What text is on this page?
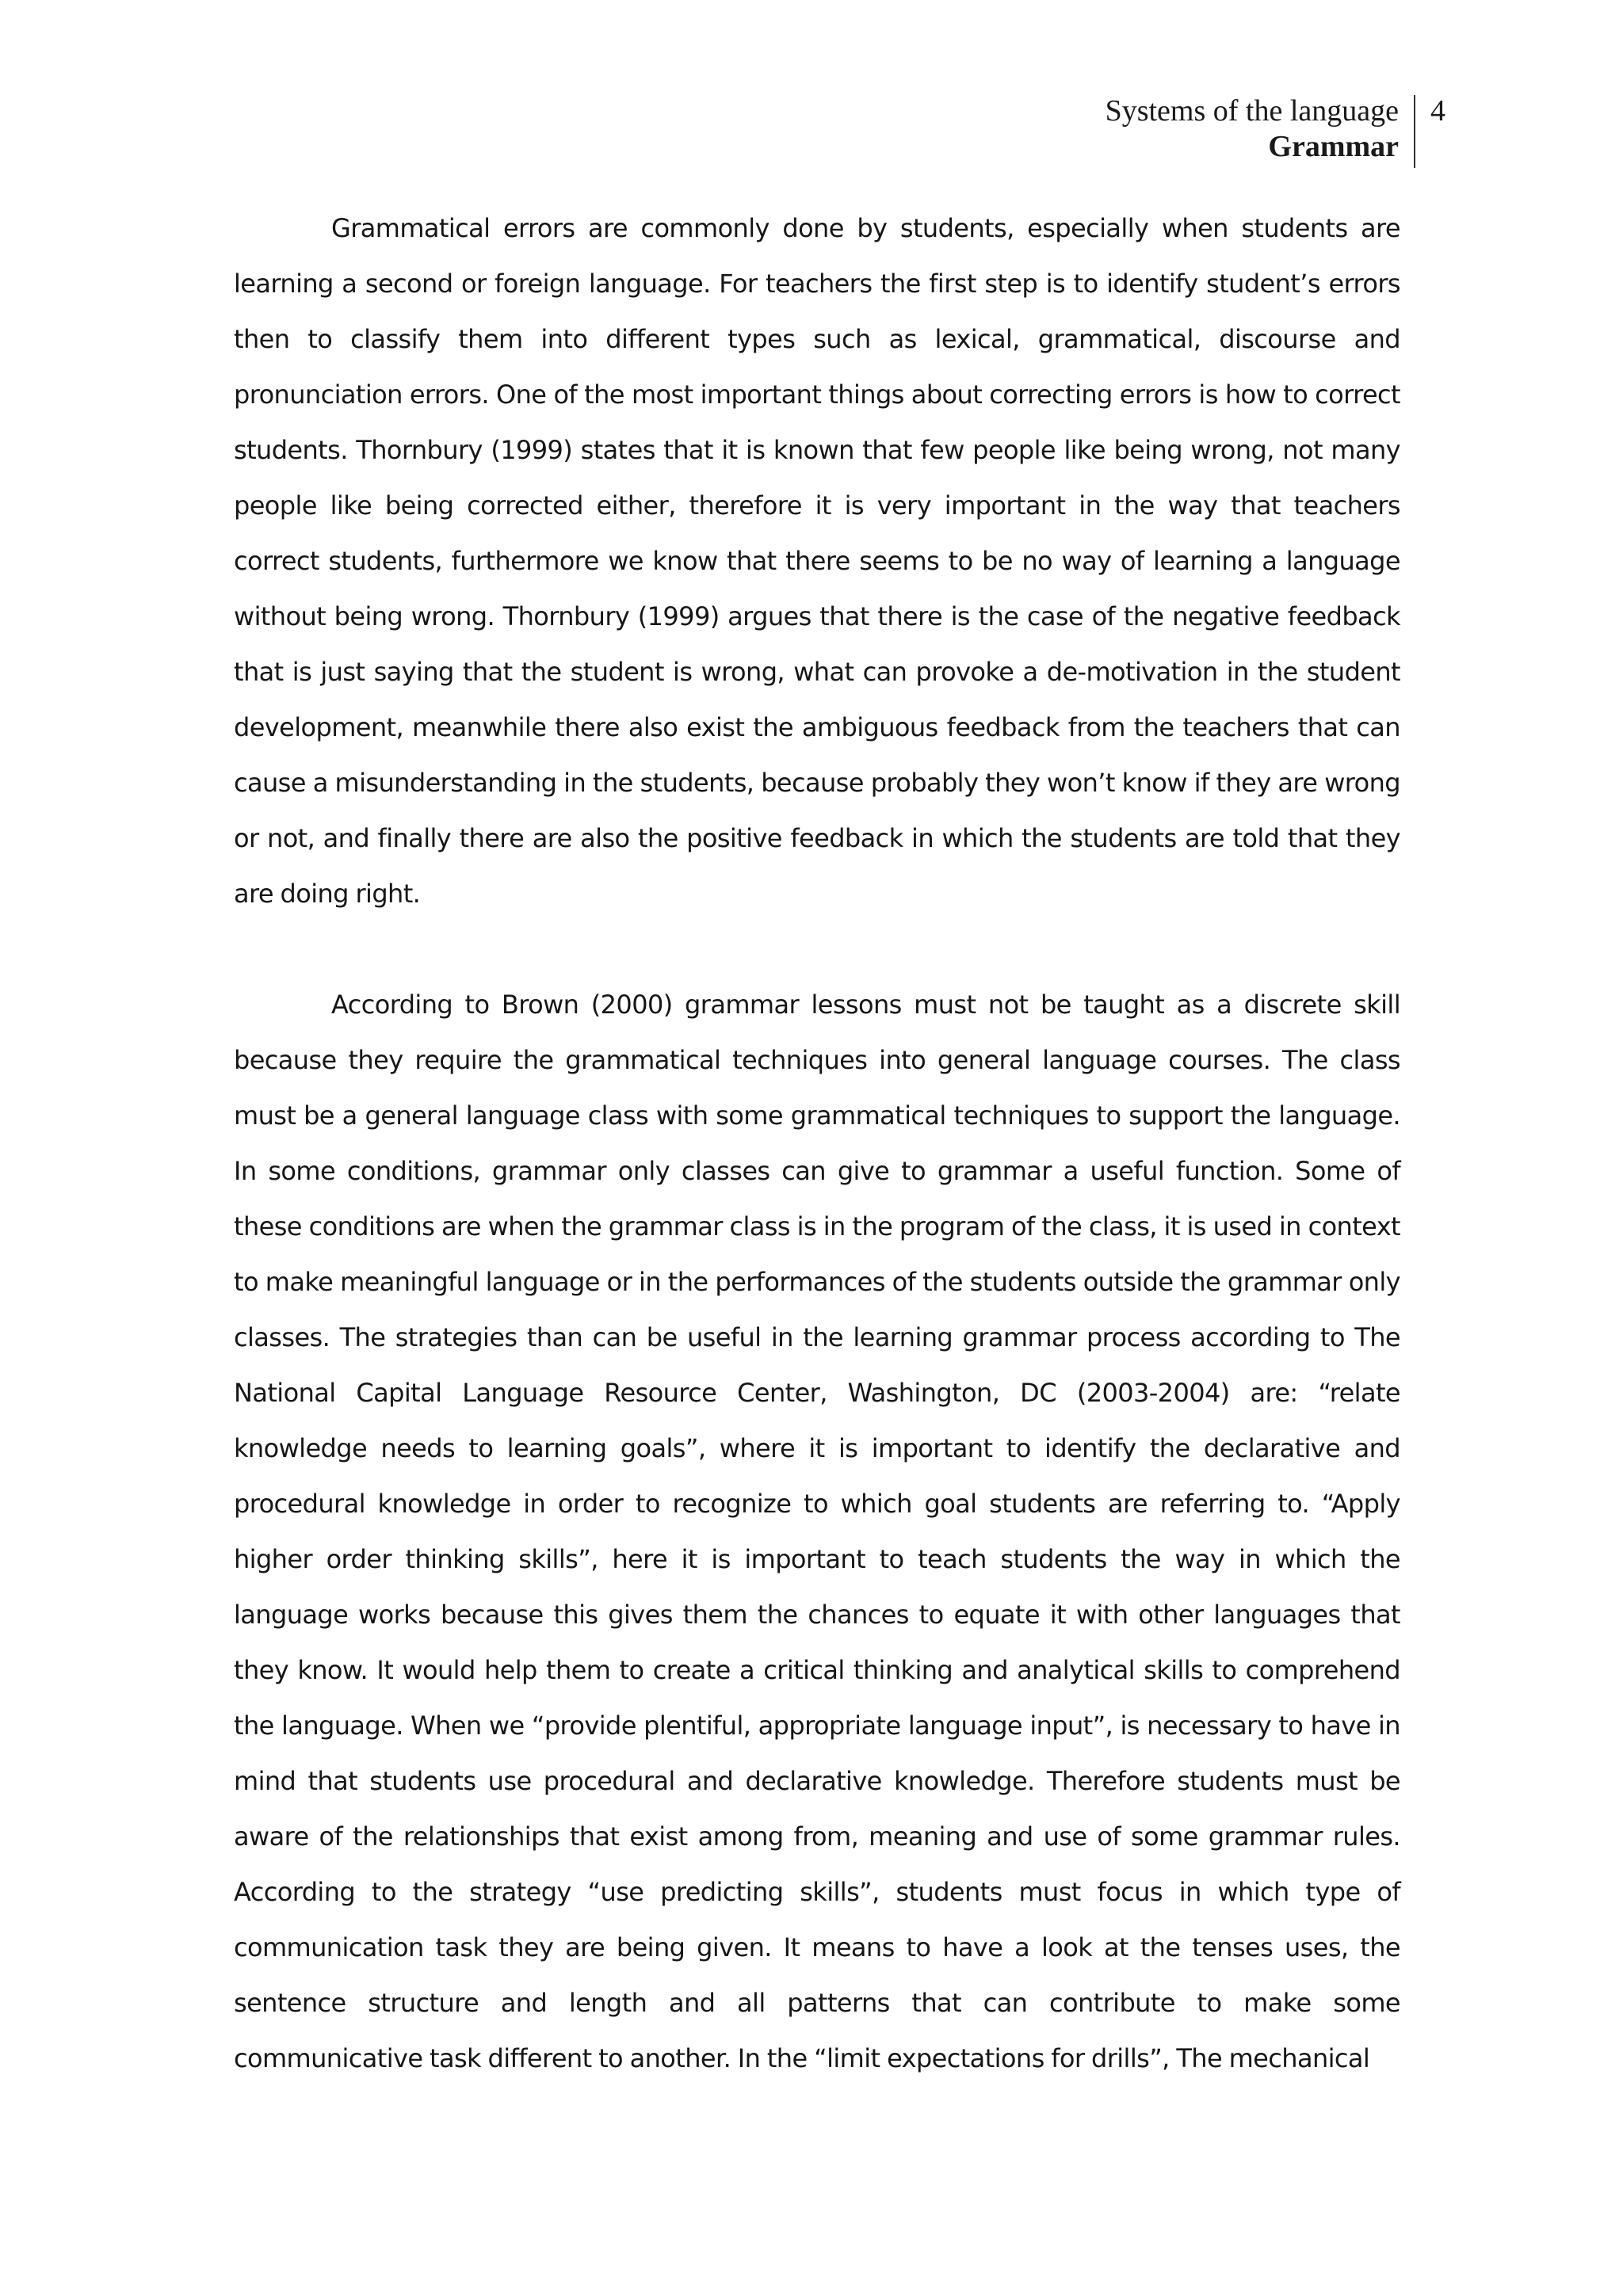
Systems of the language
Grammar
4

Grammatical errors are commonly done by students, especially when students are learning a second or foreign language. For teachers the first step is to identify student’s errors then to classify them into different types such as lexical, grammatical, discourse and pronunciation errors. One of the most important things about correcting errors is how to correct students. Thornbury (1999) states that it is known that few people like being wrong, not many people like being corrected either, therefore it is very important in the way that teachers correct students, furthermore we know that there seems to be no way of learning a language without being wrong. Thornbury (1999) argues that there is the case of the negative feedback that is just saying that the student is wrong, what can provoke a de-motivation in the student development, meanwhile there also exist the ambiguous feedback from the teachers that can cause a misunderstanding in the students, because probably they won’t know if they are wrong or not, and finally there are also the positive feedback in which the students are told that they are doing right.

According to Brown (2000) grammar lessons must not be taught as a discrete skill because they require the grammatical techniques into general language courses. The class must be a general language class with some grammatical techniques to support the language. In some conditions, grammar only classes can give to grammar a useful function. Some of these conditions are when the grammar class is in the program of the class, it is used in context to make meaningful language or in the performances of the students outside the grammar only classes. The strategies than can be useful in the learning grammar process according to The National Capital Language Resource Center, Washington, DC (2003-2004) are: “relate knowledge needs to learning goals”, where it is important to identify the declarative and procedural knowledge in order to recognize to which goal students are referring to. “Apply higher order thinking skills”, here it is important to teach students the way in which the language works because this gives them the chances to equate it with other languages that they know. It would help them to create a critical thinking and analytical skills to comprehend the language. When we “provide plentiful, appropriate language input”, is necessary to have in mind that students use procedural and declarative knowledge. Therefore students must be aware of the relationships that exist among from, meaning and use of some grammar rules. According to the strategy “use predicting skills”, students must focus in which type of communication task they are being given. It means to have a look at the tenses uses, the sentence structure and length and all patterns that can contribute to make some communicative task different to another. In the “limit expectations for drills”, The mechanical
